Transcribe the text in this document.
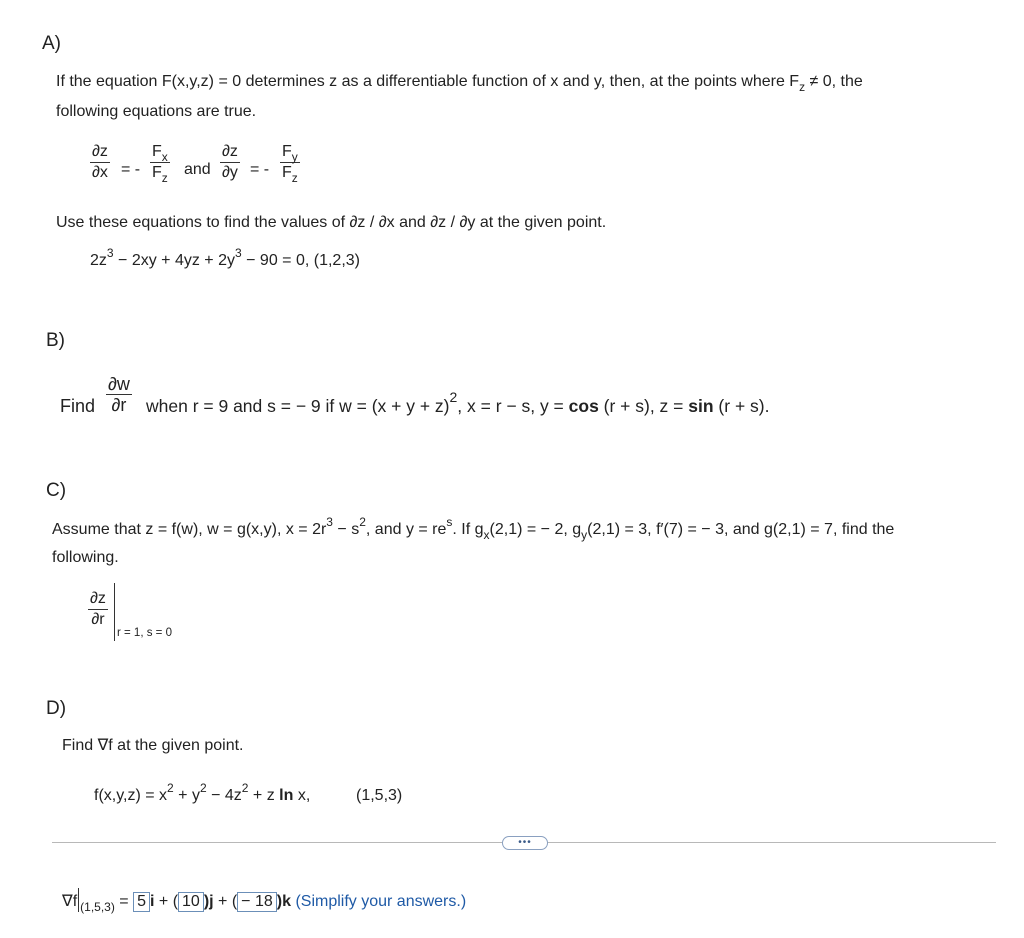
A)
If the equation F(x,y,z) = 0 determines z as a differentiable function of x and y, then, at the points where $F_z \ne 0$, the
following equations are true.
∂z
∂x = -
$F_x$
$F_z$ and
∂z
∂y = -
$F_y$
$F_z$
Use these equations to find the values of ∂z / ∂x and ∂z / ∂y at the given point.
$2z^3 - 2xy + 4yz + 2y^3 - 90 = 0$, (1,2,3)
B)
Find
∂w
∂r when r = 9 and s = − 9 if $w = (x + y + z)^2$, x = r − s, y = cos (r + s), z = sin (r + s).
C)
Assume that z = f(w), w = g(x,y), $x = 2r^3 - s^2$, and $y = re^s$. If $g_x(2,1)$ = − 2, $g_y(2,1) = 3$, f′(7) = − 3, and g(2,1) = 7, find the
following.
∂z
∂r
r = 1, s = 0
D)
Find ∇f at the given point.
$f(x,y,z) = x^2 + y^2 - 4z^2 + z$ ln x,	(1,5,3)
•••
∇f $_{(1,5,3)}$ = 5 i + ( 10 )j + ( − 18 )k (Simplify your answers.)
